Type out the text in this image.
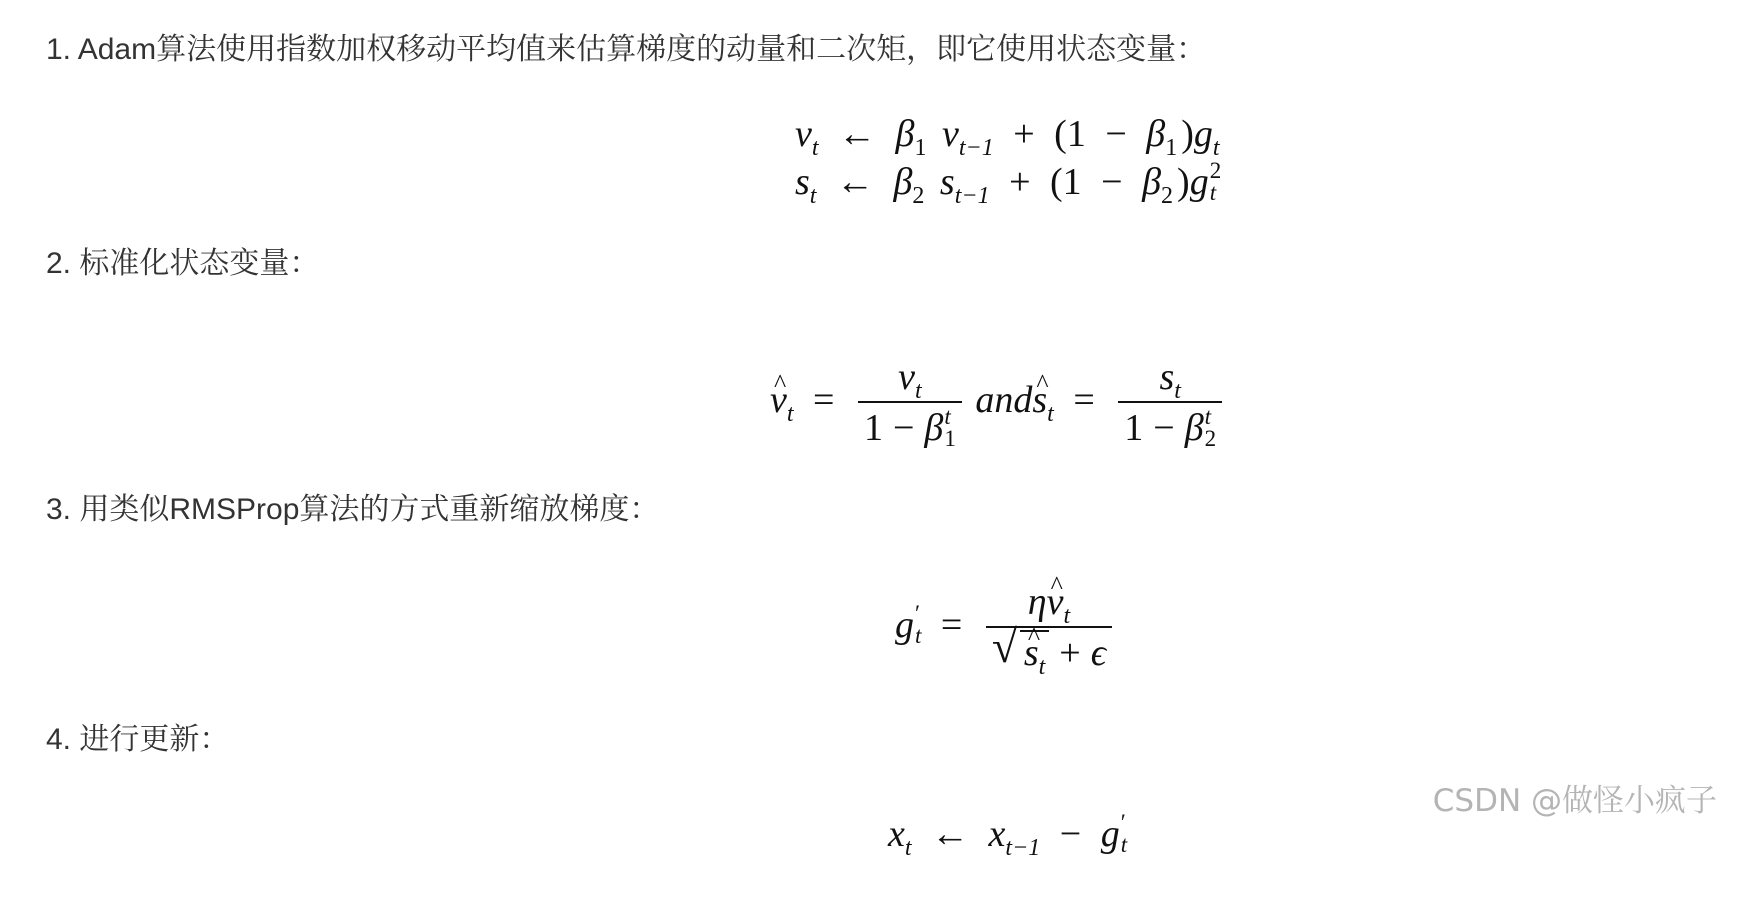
1. Adam算法使用指数加权移动平均值来估算梯度的动量和二次矩，即它使用状态变量：
$v_t$ ← $\beta_1$ $v_{t-1} + (1 - \beta_1$ )$g_t$
$s_t$ ← $\beta_2$ $s_{t-1} + (1 - \beta_2$ )g 2
t
2. 标准化状态变量：
^ $v_t = v_t$
1 − β t
1 and^ $s_t = s_t$
1 − β t
2
3. 用类似RMSProp算法的方式重新缩放梯度：
g ′
t = η^ $v_t$
√
^ $s_t + \epsilon$
4. 进行更新：
$x_t$ ← $x_{t-1} - g$ ′
t
CSDN @做怪小疯子
